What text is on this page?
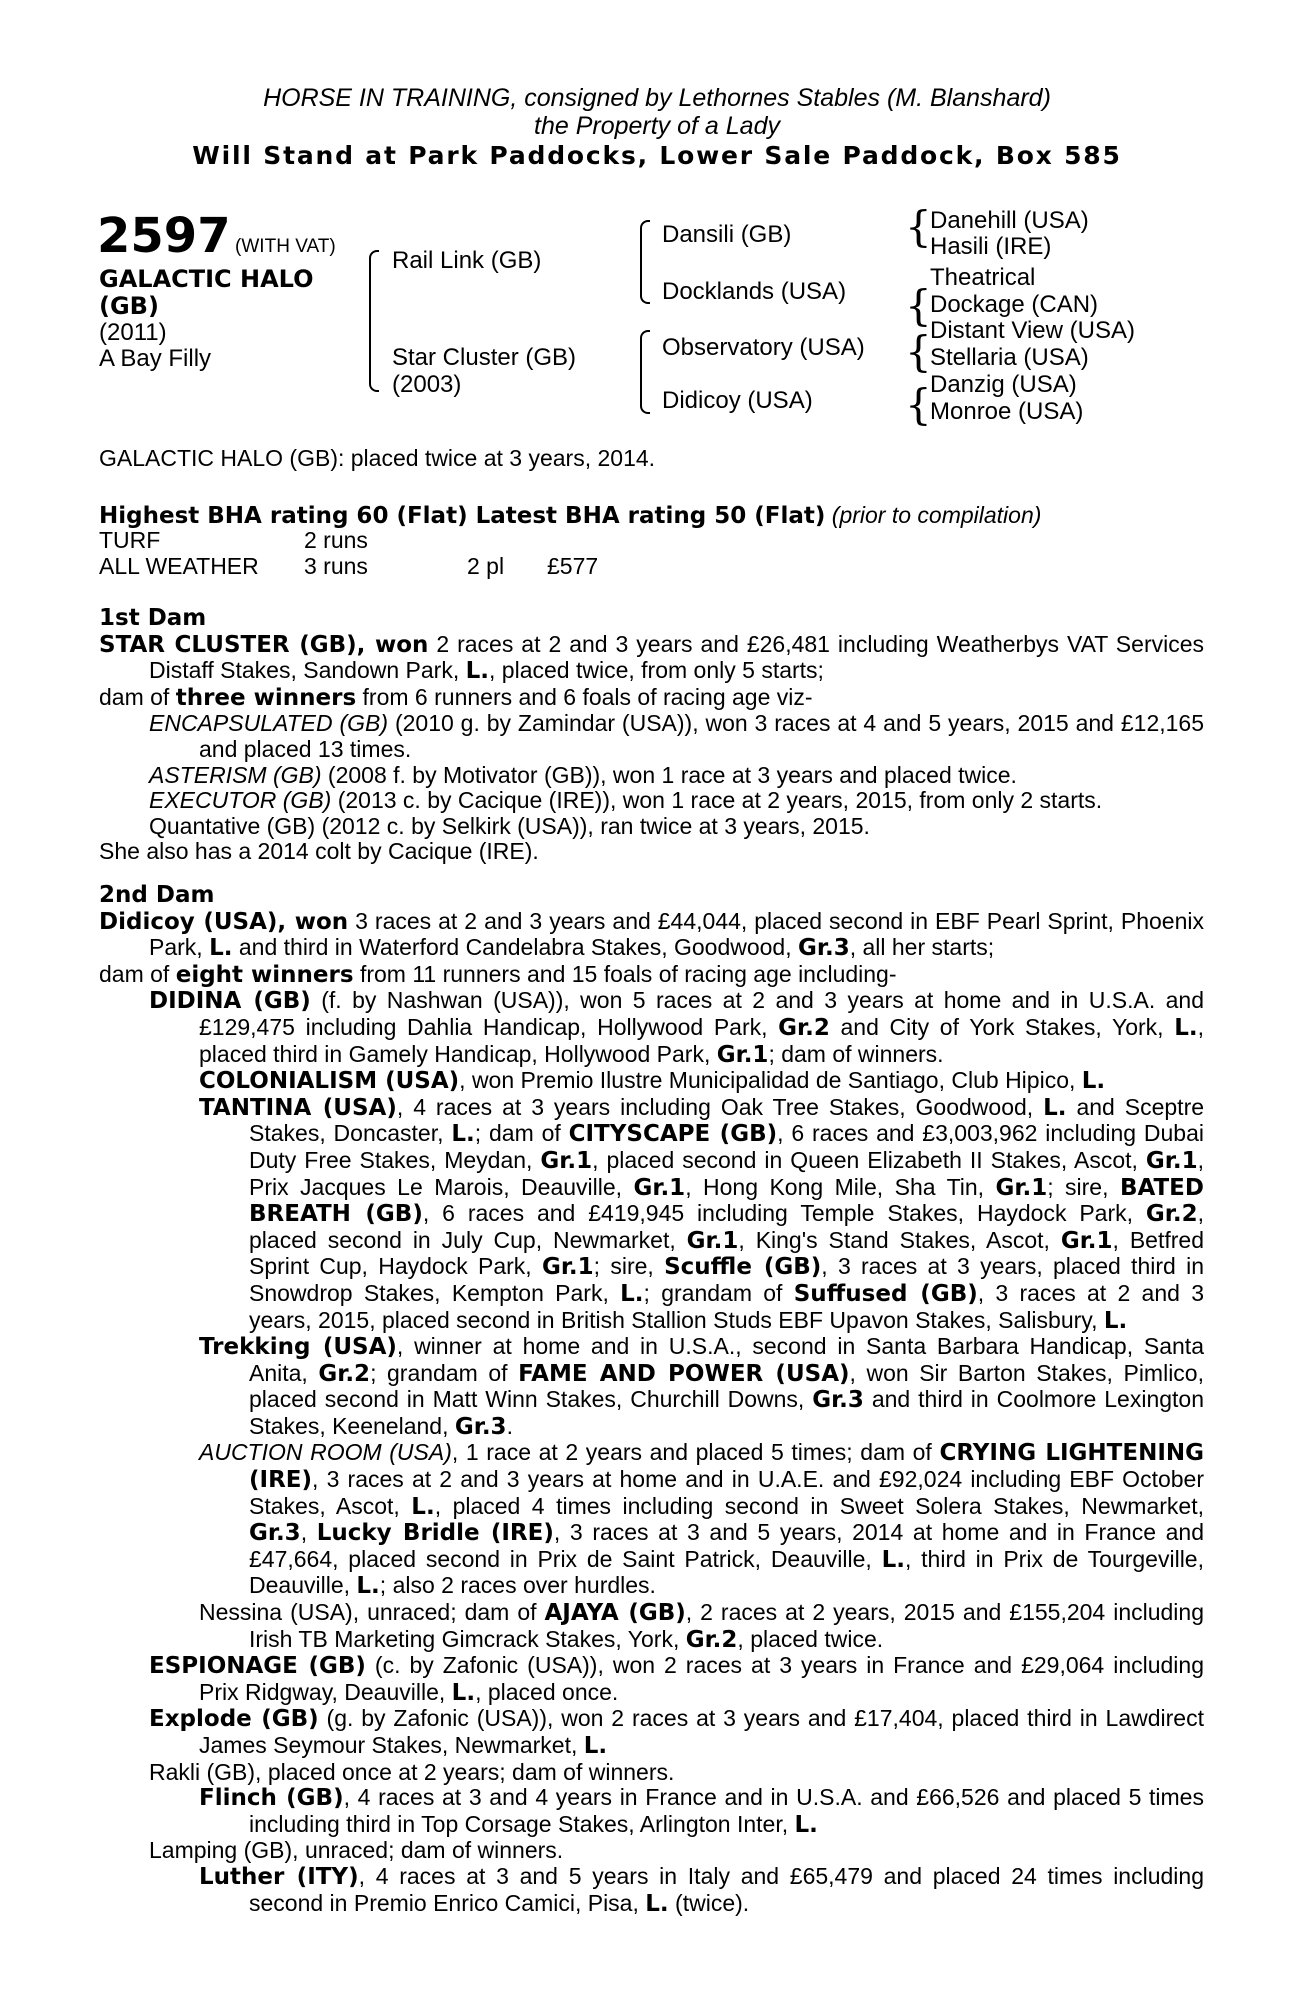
HORSE IN TRAINING, consigned by Lethornes Stables (M. Blanshard)
the Property of a Lady
Will Stand at Park Paddocks, Lower Sale Paddock, Box 585
2597 (WITH VAT)
GALACTIC HALO
(GB)
(2011)
A Bay Filly
Rail Link (GB)
Star Cluster (GB)
(2003)
Dansili (GB)
Docklands (USA)
Observatory (USA)
Didicoy (USA)
{
{
{
{
Danehill (USA)
Hasili (IRE)
Theatrical
Dockage (CAN)
Distant View (USA)
Stellaria (USA)
Danzig (USA)
Monroe (USA)
GALACTIC HALO (GB): placed twice at 3 years, 2014.
Highest BHA rating 60 (Flat) Latest BHA rating 50 (Flat) (prior to compilation)
TURF	2 runs
ALL WEATHER 3 runs	2 pl £577

1st Dam

STAR CLUSTER (GB), won 2 races at 2 and 3 years and £26,481 including Weatherbys VAT Services Distaff Stakes, Sandown Park, L., placed twice, from only 5 starts;

dam of three winners from 6 runners and 6 foals of racing age viz-

ENCAPSULATED (GB) (2010 g. by Zamindar (USA)), won 3 races at 4 and 5 years, 2015 and £12,165 and placed 13 times.

ASTERISM (GB) (2008 f. by Motivator (GB)), won 1 race at 3 years and placed twice.

EXECUTOR (GB) (2013 c. by Cacique (IRE)), won 1 race at 2 years, 2015, from only 2 starts.

Quantative (GB) (2012 c. by Selkirk (USA)), ran twice at 3 years, 2015.

She also has a 2014 colt by Cacique (IRE).

2nd Dam

Didicoy (USA), won 3 races at 2 and 3 years and £44,044, placed second in EBF Pearl Sprint, Phoenix Park, L. and third in Waterford Candelabra Stakes, Goodwood, Gr.3, all her starts;

dam of eight winners from 11 runners and 15 foals of racing age including-

DIDINA (GB) (f. by Nashwan (USA)), won 5 races at 2 and 3 years at home and in U.S.A. and £129,475 including Dahlia Handicap, Hollywood Park, Gr.2 and City of York Stakes, York, L., placed third in Gamely Handicap, Hollywood Park, Gr.1; dam of winners.

COLONIALISM (USA), won Premio Ilustre Municipalidad de Santiago, Club Hipico, L.

TANTINA (USA), 4 races at 3 years including Oak Tree Stakes, Goodwood, L. and Sceptre Stakes, Doncaster, L.; dam of CITYSCAPE (GB), 6 races and £3,003,962 including Dubai Duty Free Stakes, Meydan, Gr.1, placed second in Queen Elizabeth II Stakes, Ascot, Gr.1, Prix Jacques Le Marois, Deauville, Gr.1, Hong Kong Mile, Sha Tin, Gr.1; sire, BATED BREATH (GB), 6 races and £419,945 including Temple Stakes, Haydock Park, Gr.2, placed second in July Cup, Newmarket, Gr.1, King's Stand Stakes, Ascot, Gr.1, Betfred Sprint Cup, Haydock Park, Gr.1; sire, Scuffle (GB), 3 races at 3 years, placed third in Snowdrop Stakes, Kempton Park, L.; grandam of Suffused (GB), 3 races at 2 and 3 years, 2015, placed second in British Stallion Studs EBF Upavon Stakes, Salisbury, L.

Trekking (USA), winner at home and in U.S.A., second in Santa Barbara Handicap, Santa Anita, Gr.2; grandam of FAME AND POWER (USA), won Sir Barton Stakes, Pimlico, placed second in Matt Winn Stakes, Churchill Downs, Gr.3 and third in Coolmore Lexington Stakes, Keeneland, Gr.3.

AUCTION ROOM (USA), 1 race at 2 years and placed 5 times; dam of CRYING LIGHTENING (IRE), 3 races at 2 and 3 years at home and in U.A.E. and £92,024 including EBF October Stakes, Ascot, L., placed 4 times including second in Sweet Solera Stakes, Newmarket, Gr.3, Lucky Bridle (IRE), 3 races at 3 and 5 years, 2014 at home and in France and £47,664, placed second in Prix de Saint Patrick, Deauville, L., third in Prix de Tourgeville, Deauville, L.; also 2 races over hurdles.

Nessina (USA), unraced; dam of AJAYA (GB), 2 races at 2 years, 2015 and £155,204 including Irish TB Marketing Gimcrack Stakes, York, Gr.2, placed twice.

ESPIONAGE (GB) (c. by Zafonic (USA)), won 2 races at 3 years in France and £29,064 including Prix Ridgway, Deauville, L., placed once.

Explode (GB) (g. by Zafonic (USA)), won 2 races at 3 years and £17,404, placed third in Lawdirect James Seymour Stakes, Newmarket, L.

Rakli (GB), placed once at 2 years; dam of winners.

Flinch (GB), 4 races at 3 and 4 years in France and in U.S.A. and £66,526 and placed 5 times including third in Top Corsage Stakes, Arlington Inter, L.

Lamping (GB), unraced; dam of winners.

Luther (ITY), 4 races at 3 and 5 years in Italy and £65,479 and placed 24 times including second in Premio Enrico Camici, Pisa, L. (twice).
